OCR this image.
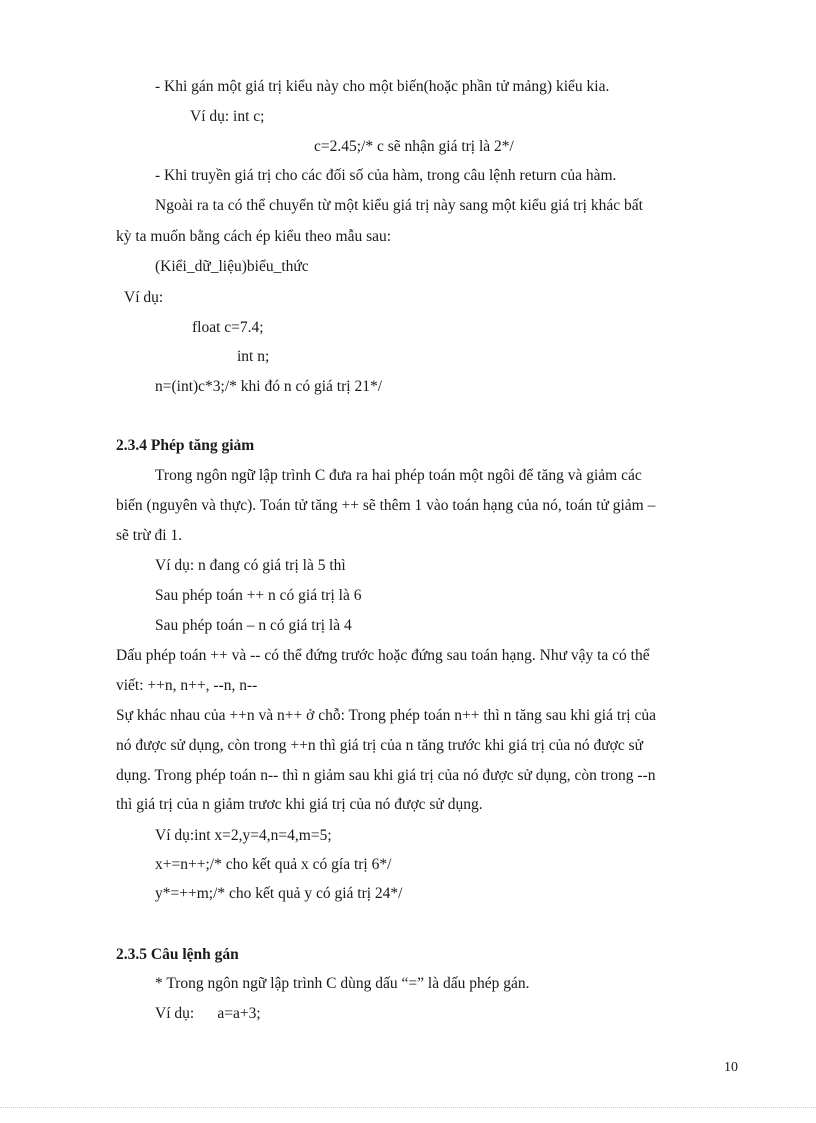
- Khi gán một giá trị kiểu này cho một biến(hoặc phần tử mảng) kiểu kia.
Ví dụ: int c;
c=2.45;/* c sẽ nhận giá trị là 2*/
- Khi truyền giá trị cho các đối số của hàm, trong câu lệnh return của hàm.
Ngoài ra ta có thể chuyển từ một kiểu giá trị này sang một kiểu giá trị khác bất
kỳ ta muốn bằng cách ép kiểu theo mẫu sau:
(Kiểi_dữ_liệu)biểu_thức
Ví dụ:
float c=7.4;
int n;
n=(int)c*3;/* khi đó n có giá trị 21*/
2.3.4 Phép tăng giảm
Trong ngôn ngữ lập trình C đưa ra hai phép toán một ngôi để tăng và giảm các
biến (nguyên và thực). Toán tử tăng ++ sẽ thêm 1 vào toán hạng của nó, toán tử giảm –
sẽ trừ đi 1.
Ví dụ: n đang có giá trị là 5 thì
Sau phép toán ++ n có giá trị là 6
Sau phép toán – n có giá trị là 4
Dấu phép toán ++ và -- có thể đứng trước hoặc đứng sau toán hạng. Như vậy ta có thể
viết: ++n, n++, --n, n--
Sự khác nhau của ++n và n++ ở chỗ: Trong phép toán n++ thì n tăng sau khi giá trị của
nó được sử dụng, còn trong ++n thì giá trị của n tăng trước khi giá trị của nó được sử
dụng. Trong phép toán n-- thì n giảm sau khi giá trị của nó được sử dụng, còn trong --n
thì giá trị của n giảm trươc khi giá trị của nó được sử dụng.
Ví dụ:int x=2,y=4,n=4,m=5;
x+=n++;/* cho kết quả x có gía trị 6*/
y*=++m;/* cho kết quả y có giá trị 24*/
2.3.5 Câu lệnh gán
* Trong ngôn ngữ lập trình C dùng dấu “=” là dấu phép gán.
Ví dụ:      a=a+3;
10
